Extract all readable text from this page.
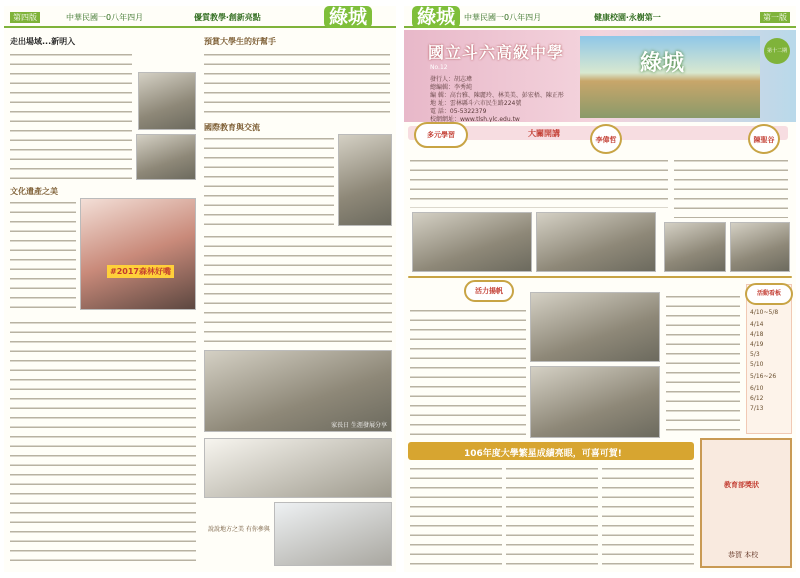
第四版	中華民國一0八年四月	優質教學‧創新亮點	綠城
走出場域...新明入	預賞大學生的好幫手
國際教育與交流
文化遺產之美
#2017森林好嘴
家長日 生涯發展分享
說說地方之美 有你參與
綠城	中華民國一0八年四月	健康校園‧永樹第一	第一版
國立斗六高級中學
No.12
發行人：胡志瑋
總編輯：李秀純
編 輯：高台雅、陳麗玲、林美美、彭宏梧、陳正彤
地 址：雲林縣斗六市民生路224號
電 話：05-5322379
校網網址：www.tlsh.ylc.edu.tw
綠城	第十二期
多元學習	大關開講
李偉哲	陳聖谷
活力揚帆	活動看板
4/10~5/8
4/14
4/18
4/19
5/3
5/10
5/16~26
6/10
6/12
7/13
106年度大學繁星成績亮眼，可喜可賀!
教育部獎狀
恭賀 本校
